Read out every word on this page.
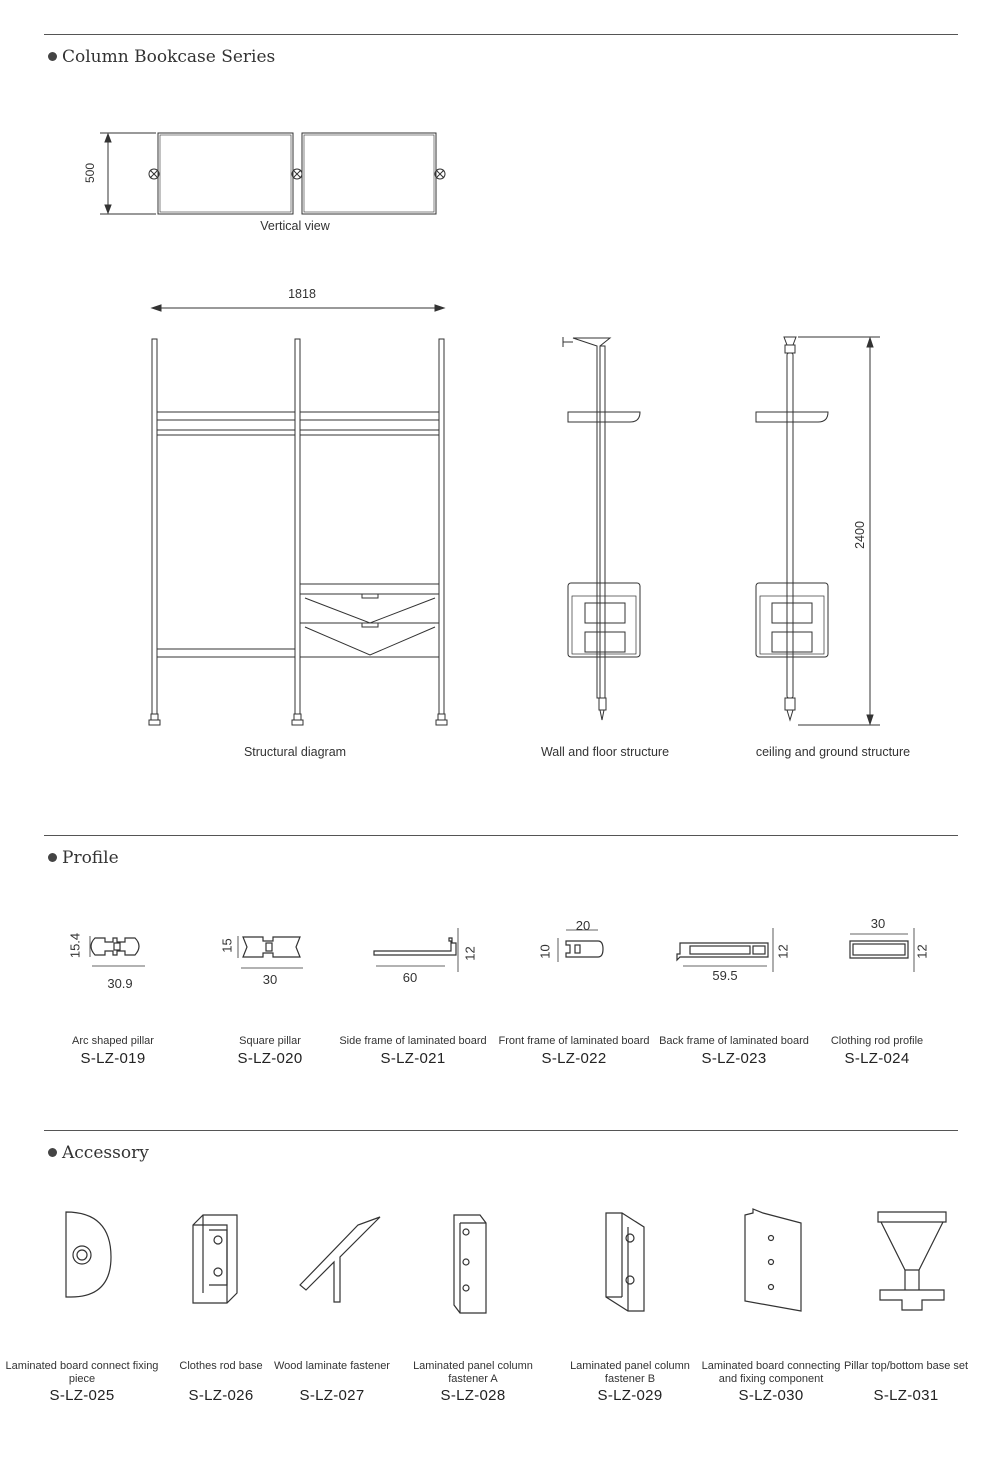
Column Bookcase Series
500
Vertical view
1818
Structural diagram	Wall and floor structure
2400
ceiling and ground structure
Profile
15.4
30.9
15
30	60
12
20
10
59.5
12
30
12
Arc shaped pillar
S-LZ-019
Square pillar
S-LZ-020
Side frame of laminated board
S-LZ-021
Front frame of laminated board
S-LZ-022
Back frame of laminated board
S-LZ-023
Clothing rod profile
S-LZ-024
Accessory
Laminated board connect fixing piece
S-LZ-025
Clothes rod base
S-LZ-026
Wood laminate fastener
S-LZ-027
Laminated panel column fastener A
S-LZ-028
Laminated panel column fastener B
S-LZ-029
Laminated board connecting and fixing component
S-LZ-030
Pillar top/bottom base set
S-LZ-031
